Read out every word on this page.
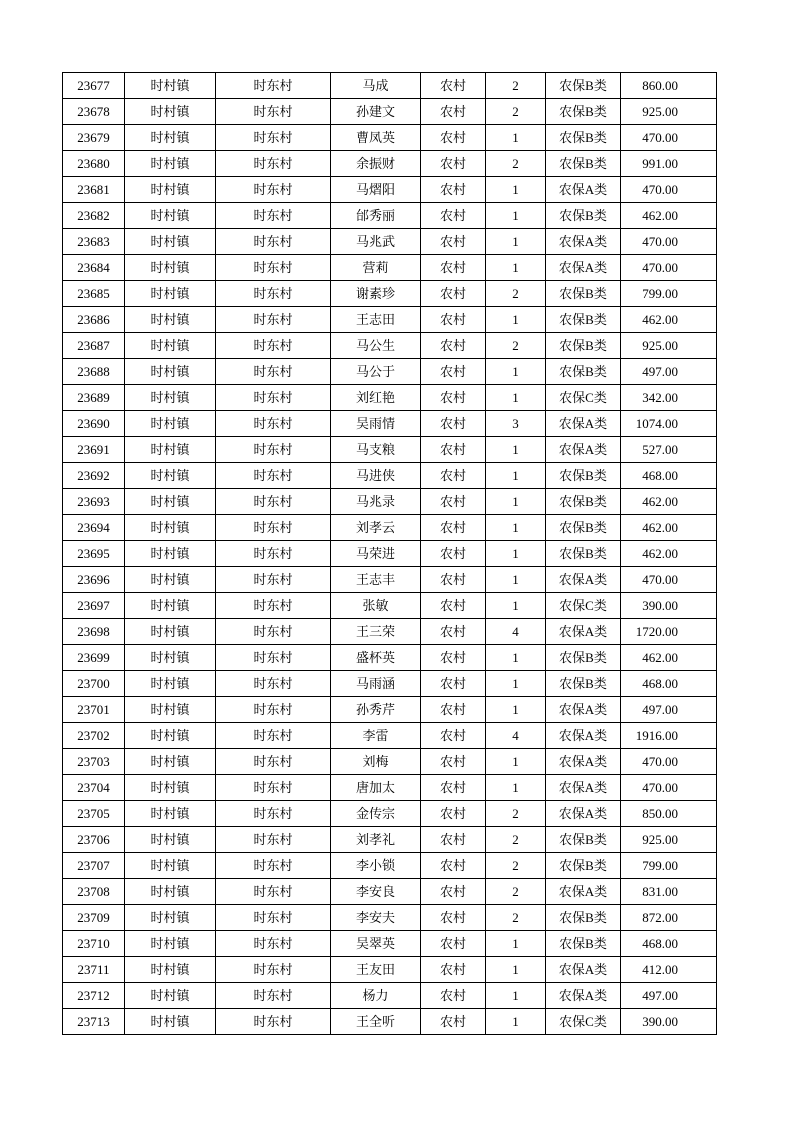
23677	时村镇	时东村	马成	农村	2	农保B类	860.00
23678	时村镇	时东村	孙建文	农村	2	农保B类	925.00
23679	时村镇	时东村	曹凤英	农村	1	农保B类	470.00
23680	时村镇	时东村	余振财	农村	2	农保B类	991.00
23681	时村镇	时东村	马熠阳	农村	1	农保A类	470.00
23682	时村镇	时东村	邰秀丽	农村	1	农保B类	462.00
23683	时村镇	时东村	马兆武	农村	1	农保A类	470.00
23684	时村镇	时东村	营莉	农村	1	农保A类	470.00
23685	时村镇	时东村	谢素珍	农村	2	农保B类	799.00
23686	时村镇	时东村	王志田	农村	1	农保B类	462.00
23687	时村镇	时东村	马公生	农村	2	农保B类	925.00
23688	时村镇	时东村	马公于	农村	1	农保B类	497.00
23689	时村镇	时东村	刘红艳	农村	1	农保C类	342.00
23690	时村镇	时东村	吴雨情	农村	3	农保A类	1074.00
23691	时村镇	时东村	马支粮	农村	1	农保A类	527.00
23692	时村镇	时东村	马进侠	农村	1	农保B类	468.00
23693	时村镇	时东村	马兆录	农村	1	农保B类	462.00
23694	时村镇	时东村	刘孝云	农村	1	农保B类	462.00
23695	时村镇	时东村	马荣进	农村	1	农保B类	462.00
23696	时村镇	时东村	王志丰	农村	1	农保A类	470.00
23697	时村镇	时东村	张敏	农村	1	农保C类	390.00
23698	时村镇	时东村	王三荣	农村	4	农保A类	1720.00
23699	时村镇	时东村	盛杯英	农村	1	农保B类	462.00
23700	时村镇	时东村	马雨涵	农村	1	农保B类	468.00
23701	时村镇	时东村	孙秀芹	农村	1	农保A类	497.00
23702	时村镇	时东村	李雷	农村	4	农保A类	1916.00
23703	时村镇	时东村	刘梅	农村	1	农保A类	470.00
23704	时村镇	时东村	唐加太	农村	1	农保A类	470.00
23705	时村镇	时东村	金传宗	农村	2	农保A类	850.00
23706	时村镇	时东村	刘孝礼	农村	2	农保B类	925.00
23707	时村镇	时东村	李小锁	农村	2	农保B类	799.00
23708	时村镇	时东村	李安良	农村	2	农保A类	831.00
23709	时村镇	时东村	李安夫	农村	2	农保B类	872.00
23710	时村镇	时东村	吴翠英	农村	1	农保B类	468.00
23711	时村镇	时东村	王友田	农村	1	农保A类	412.00
23712	时村镇	时东村	杨力	农村	1	农保A类	497.00
23713	时村镇	时东村	王全听	农村	1	农保C类	390.00
